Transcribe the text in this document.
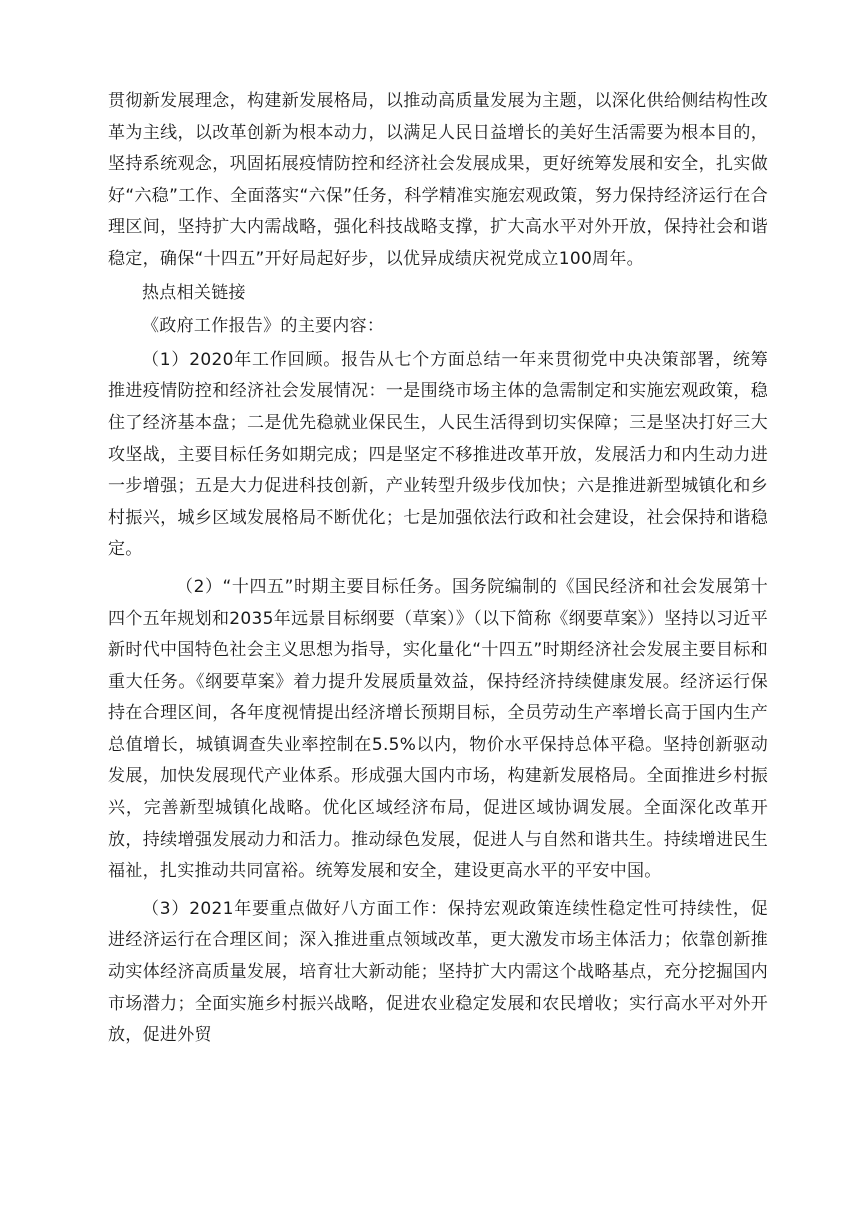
贯彻新发展理念，构建新发展格局，以推动高质量发展为主题，以深化供给侧结构性改革为主线，以改革创新为根本动力，以满足人民日益增长的美好生活需要为根本目的，坚持系统观念，巩固拓展疫情防控和经济社会发展成果，更好统筹发展和安全，扎实做好“六稳”工作、全面落实“六保”任务，科学精准实施宏观政策，努力保持经济运行在合理区间，坚持扩大内需战略，强化科技战略支撑，扩大高水平对外开放，保持社会和谐稳定，确保“十四五”开好局起好步，以优异成绩庆祝党成立100周年。

热点相关链接

《政府工作报告》的主要内容：

（1）2020年工作回顾。报告从七个方面总结一年来贯彻党中央决策部署，统筹推进疫情防控和经济社会发展情况：一是围绕市场主体的急需制定和实施宏观政策，稳住了经济基本盘；二是优先稳就业保民生，人民生活得到切实保障；三是坚决打好三大攻坚战，主要目标任务如期完成；四是坚定不移推进改革开放，发展活力和内生动力进一步增强；五是大力促进科技创新，产业转型升级步伐加快；六是推进新型城镇化和乡村振兴，城乡区域发展格局不断优化；七是加强依法行政和社会建设，社会保持和谐稳定。

（2）“十四五”时期主要目标任务。国务院编制的《国民经济和社会发展第十四个五年规划和2035年远景目标纲要（草案）》（以下简称《纲要草案》）坚持以习近平新时代中国特色社会主义思想为指导，实化量化“十四五”时期经济社会发展主要目标和重大任务。《纲要草案》着力提升发展质量效益，保持经济持续健康发展。经济运行保持在合理区间，各年度视情提出经济增长预期目标，全员劳动生产率增长高于国内生产总值增长，城镇调查失业率控制在5.5%以内，物价水平保持总体平稳。坚持创新驱动发展，加快发展现代产业体系。形成强大国内市场，构建新发展格局。全面推进乡村振兴，完善新型城镇化战略。优化区域经济布局，促进区域协调发展。全面深化改革开放，持续增强发展动力和活力。推动绿色发展，促进人与自然和谐共生。持续增进民生福祉，扎实推动共同富裕。统筹发展和安全，建设更高水平的平安中国。

（3）2021年要重点做好八方面工作：保持宏观政策连续性稳定性可持续性，促进经济运行在合理区间；深入推进重点领域改革，更大激发市场主体活力；依靠创新推动实体经济高质量发展，培育壮大新动能；坚持扩大内需这个战略基点，充分挖掘国内市场潜力；全面实施乡村振兴战略，促进农业稳定发展和农民增收；实行高水平对外开放，促进外贸
